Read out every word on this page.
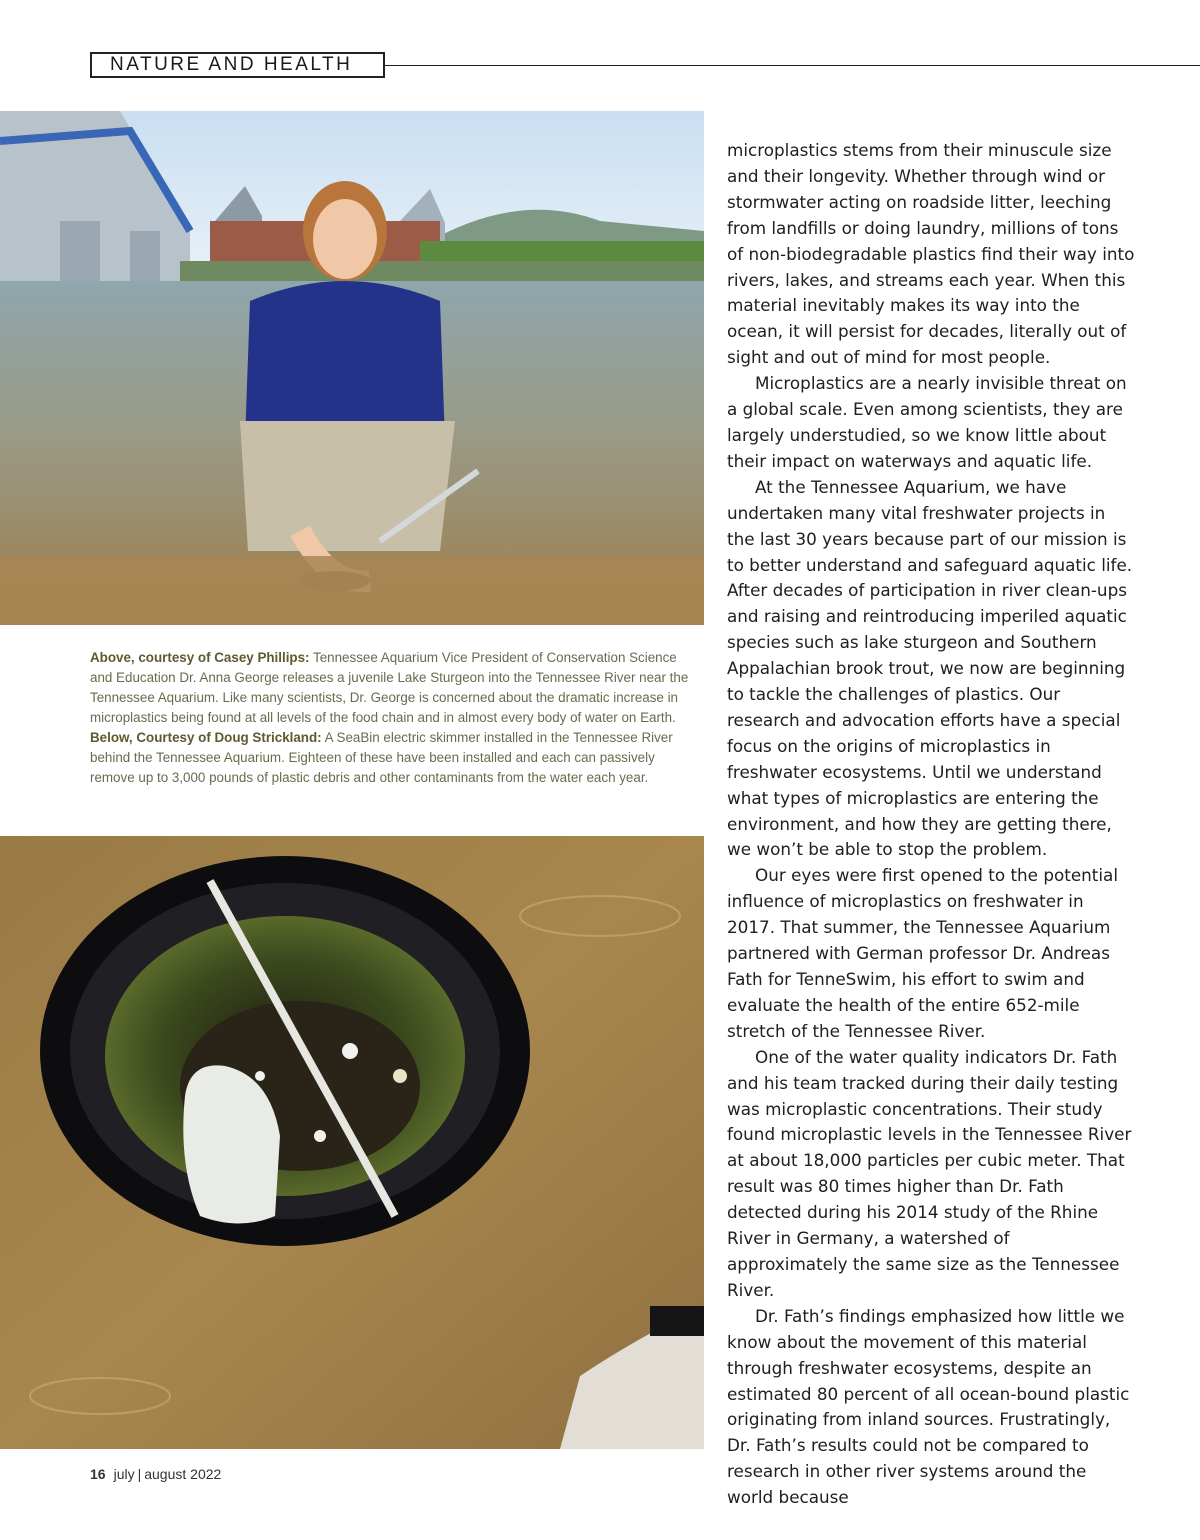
NATURE AND HEALTH

Above, courtesy of Casey Phillips: Tennessee Aquarium Vice President of Conservation Science and Education Dr. Anna George releases a juvenile Lake Sturgeon into the Tennessee River near the Tennessee Aquarium. Like many scientists, Dr. George is concerned about the dramatic increase in microplastics being found at all levels of the food chain and in almost every body of water on Earth. Below, Courtesy of Doug Strickland: A SeaBin electric skimmer installed in the Tennessee River behind the Tennessee Aquarium. Eighteen of these have been installed and each can passively remove up to 3,000 pounds of plastic debris and other contaminants from the water each year.

microplastics stems from their minuscule size and their longevity. Whether through wind or stormwater acting on roadside litter, leeching from landfills or doing laundry, millions of tons of non-biodegradable plastics find their way into rivers, lakes, and streams each year. When this material inevitably makes its way into the ocean, it will persist for decades, literally out of sight and out of mind for most people.

Microplastics are a nearly invisible threat on a global scale. Even among scientists, they are largely understudied, so we know little about their impact on waterways and aquatic life.

At the Tennessee Aquarium, we have undertaken many vital freshwater projects in the last 30 years because part of our mission is to better understand and safeguard aquatic life. After decades of participation in river clean-ups and raising and reintroducing imperiled aquatic species such as lake sturgeon and Southern Appalachian brook trout, we now are beginning to tackle the challenges of plastics. Our research and advocation efforts have a special focus on the origins of microplastics in freshwater ecosystems. Until we understand what types of microplastics are entering the environment, and how they are getting there, we won’t be able to stop the problem.

Our eyes were first opened to the potential influence of microplastics on freshwater in 2017. That summer, the Tennessee Aquarium partnered with German professor Dr. Andreas Fath for TenneSwim, his effort to swim and evaluate the health of the entire 652-mile stretch of the Tennessee River.

One of the water quality indicators Dr. Fath and his team tracked during their daily testing was microplastic concentrations. Their study found microplastic levels in the Tennessee River at about 18,000 particles per cubic meter. That result was 80 times higher than Dr. Fath detected during his 2014 study of the Rhine River in Germany, a watershed of approximately the same size as the Tennessee River.

Dr. Fath’s findings emphasized how little we know about the movement of this material through freshwater ecosystems, despite an estimated 80 percent of all ocean-bound plastic originating from inland sources. Frustratingly, Dr. Fath’s results could not be compared to research in other river systems around the world because

16 july | august 2022
